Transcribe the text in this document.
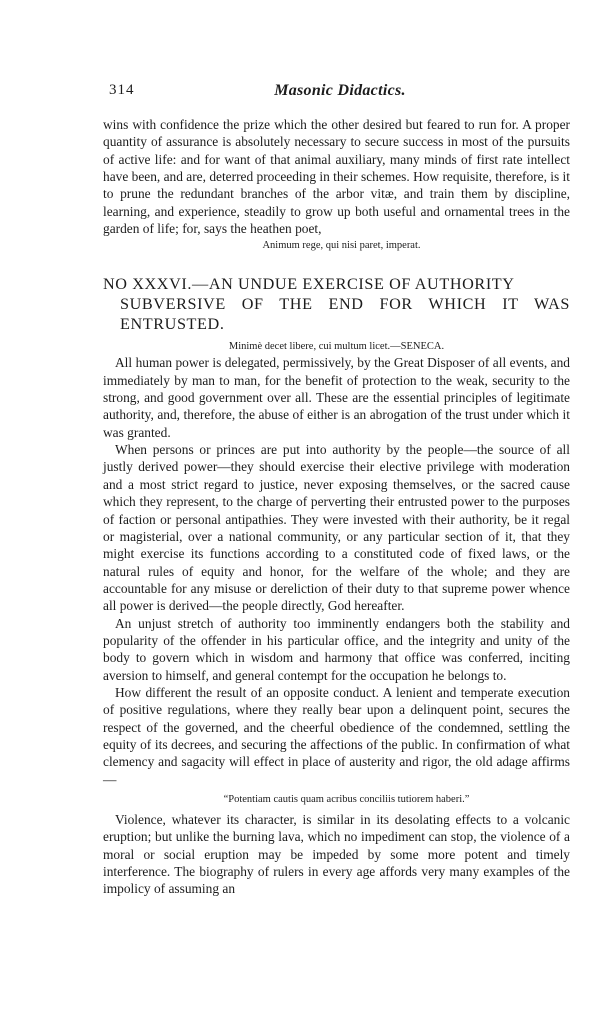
314	Masonic Didactics.

wins with confidence the prize which the other desired but feared to run for. A proper quantity of assurance is absolutely necessary to secure success in most of the pursuits of active life: and for want of that animal auxiliary, many minds of first rate intellect have been, and are, deterred proceeding in their schemes. How requisite, therefore, is it to prune the redundant branches of the arbor vitæ, and train them by discipline, learning, and experience, steadily to grow up both useful and ornamental trees in the garden of life; for, says the heathen poet,

Animum rege, qui nisi paret, imperat.

NO XXXVI.—AN UNDUE EXERCISE OF AUTHORITY
SUBVERSIVE OF THE END FOR WHICH IT WAS ENTRUSTED.

Minimè decet libere, cui multum licet.—SENECA.

All human power is delegated, permissively, by the Great Disposer of all events, and immediately by man to man, for the benefit of protection to the weak, security to the strong, and good government over all. These are the essential principles of legitimate authority, and, therefore, the abuse of either is an abrogation of the trust under which it was granted.

When persons or princes are put into authority by the people—the source of all justly derived power—they should exercise their elective privilege with moderation and a most strict regard to justice, never exposing themselves, or the sacred cause which they represent, to the charge of perverting their entrusted power to the purposes of faction or personal antipathies. They were invested with their authority, be it regal or magisterial, over a national community, or any particular section of it, that they might exercise its functions according to a constituted code of fixed laws, or the natural rules of equity and honor, for the welfare of the whole; and they are accountable for any misuse or dereliction of their duty to that supreme power whence all power is derived—the people directly, God hereafter.

An unjust stretch of authority too imminently endangers both the stability and popularity of the offender in his particular office, and the integrity and unity of the body to govern which in wisdom and harmony that office was conferred, inciting aversion to himself, and general contempt for the occupation he belongs to.

How different the result of an opposite conduct. A lenient and temperate execution of positive regulations, where they really bear upon a delinquent point, secures the respect of the governed, and the cheerful obedience of the condemned, settling the equity of its decrees, and securing the affections of the public. In confirmation of what clemency and sagacity will effect in place of austerity and rigor, the old adage affirms—

“Potentiam cautis quam acribus conciliis tutiorem haberi.”

Violence, whatever its character, is similar in its desolating effects to a volcanic eruption; but unlike the burning lava, which no impediment can stop, the violence of a moral or social eruption may be impeded by some more potent and timely interference. The biography of rulers in every age affords very many examples of the impolicy of assuming an
